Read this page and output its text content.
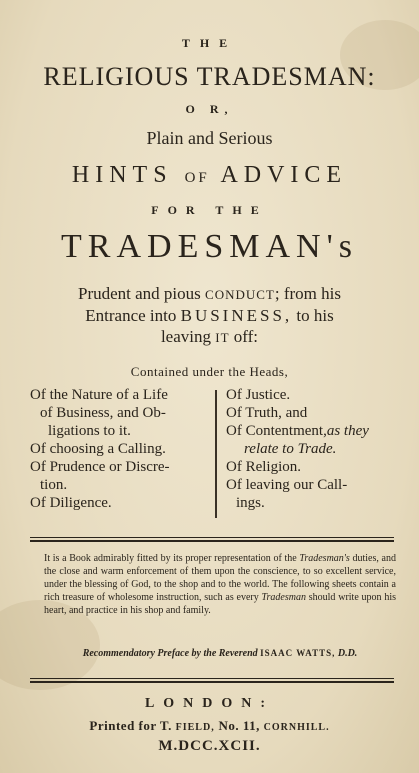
THE
RELIGIOUS TRADESMAN:
O R,
Plain and Serious
HINTS OF ADVICE
FOR THE
TRADESMAN's
Prudent and pious CONDUCT; from his
Entrance into BUSINESS, to his
leaving IT off:
Contained under the Heads,
Of the Nature of a Life
of Business, and Ob-
ligations to it.
Of choosing a Calling.
Of Prudence or Discre-
tion.
Of Diligence.
Of Justice.
Of Truth, and
Of Contentment,as they
relate to Trade.
Of Religion.
Of leaving our Call-
ings.
It is a Book admirably fitted by its proper representation of the Tradesman's duties, and the close and warm enforcement of them upon the conscience, to so excellent service, under the blessing of God, to the shop and to the world. The following sheets contain a rich treasure of wholesome instruction, such as every Tradesman should write upon his heart, and practice in his shop and family.
Recommendatory Preface by the Reverend ISAAC WATTS, D.D.
LONDON:
Printed for T. FIELD, No. 11, CORNHILL.
M.DCC.XCII.
